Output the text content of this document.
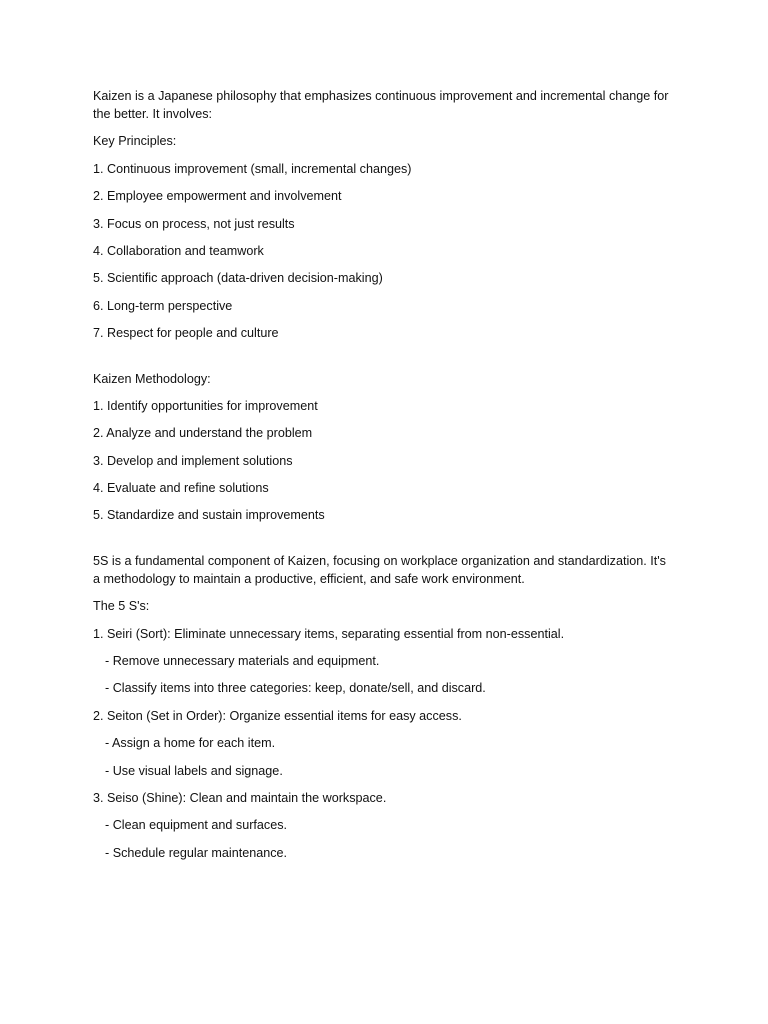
Kaizen is a Japanese philosophy that emphasizes continuous improvement and incremental change for the better. It involves:

Key Principles:

1. Continuous improvement (small, incremental changes)

2. Employee empowerment and involvement

3. Focus on process, not just results

4. Collaboration and teamwork

5. Scientific approach (data-driven decision-making)

6. Long-term perspective

7. Respect for people and culture

Kaizen Methodology:

1. Identify opportunities for improvement

2. Analyze and understand the problem

3. Develop and implement solutions

4. Evaluate and refine solutions

5. Standardize and sustain improvements

5S is a fundamental component of Kaizen, focusing on workplace organization and standardization. It's a methodology to maintain a productive, efficient, and safe work environment.

The 5 S's:

1. Seiri (Sort): Eliminate unnecessary items, separating essential from non-essential.

- Remove unnecessary materials and equipment.

- Classify items into three categories: keep, donate/sell, and discard.

2. Seiton (Set in Order): Organize essential items for easy access.

- Assign a home for each item.

- Use visual labels and signage.

3. Seiso (Shine): Clean and maintain the workspace.

- Clean equipment and surfaces.

- Schedule regular maintenance.
